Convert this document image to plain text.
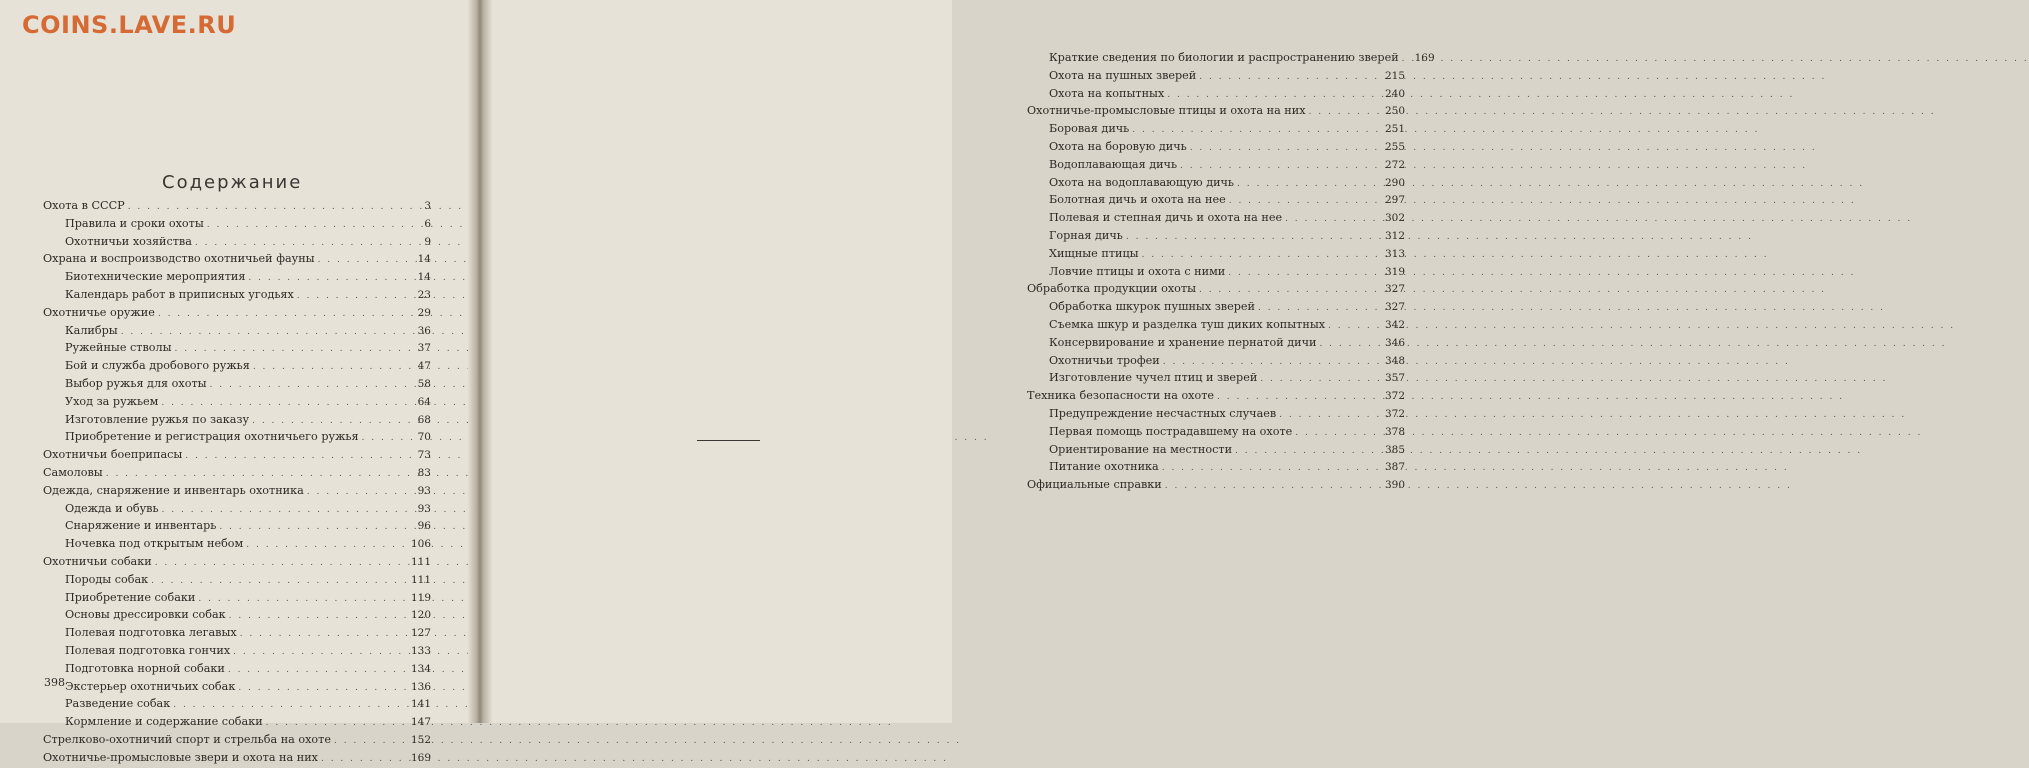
Содержание
Охота в СССР . . .	3
Правила и сроки охоты . . .	6
Охотничьи хозяйства . . .	9
Охрана и воспроизводство охотничьей фауны . . .	14
Биотехнические мероприятия . . .	14
Календарь работ в приписных угодьях . . .	23
Охотничье оружие . . .	29
Калибры . . .	36
Ружейные стволы . . .	37
Бой и служба дробового ружья . . .	47
Выбор ружья для охоты . . .	58
Уход за ружьем . . .	64
Изготовление ружья по заказу . . .	68
Приобретение и регистрация охотничьего ружья . . .	70
Охотничьи боеприпасы . . .	73
Самоловы . . .	83
Одежда, снаряжение и инвентарь охотника . . .	93
Одежда и обувь . . .	93
Снаряжение и инвентарь . . .	96
Ночевка под открытым небом . . .	106
Охотничьи собаки . . .	111
Породы собак . . .	111
Приобретение собаки . . .	119
Основы дрессировки собак . . .	120
Полевая подготовка легавых . . .	127
Полевая подготовка гончих . . .	133
Подготовка норной собаки . . .	134
Экстерьер охотничьих собак . . .	136
Разведение собак . . .	141
Кормление и содержание собаки . . .	147
Стрелково-охотничий спорт и стрельба на охоте . . .	152
Охотничье-промысловые звери и охота на них . . .	169
398
Краткие сведения по биологии и распространению зверей . . .	169
Охота на пушных зверей . . .	215
Охота на копытных . . .	240
Охотничье-промысловые птицы и охота на них . . .	250
Боровая дичь . . .	251
Охота на боровую дичь . . .	255
Водоплавающая дичь . . .	272
Охота на водоплавающую дичь . . .	290
Болотная дичь и охота на нее . . .	297
Полевая и степная дичь и охота на нее . . .	302
Горная дичь . . .	312
Хищные птицы . . .	313
Ловчие птицы и охота с ними . . .	319
Обработка продукции охоты . . .	327
Обработка шкурок пушных зверей . . .	327
Съемка шкур и разделка туш диких копытных . . .	342
Консервирование и хранение пернатой дичи . . .	346
Охотничьи трофеи . . .	348
Изготовление чучел птиц и зверей . . .	357
Техника безопасности на охоте . . .	372
Предупреждение несчастных случаев . . .	372
Первая помощь пострадавшему на охоте . . .	378
Ориентирование на местности . . .	385
Питание охотника . . .	387
Официальные справки . . .	390
COINS.LAVE.RU
